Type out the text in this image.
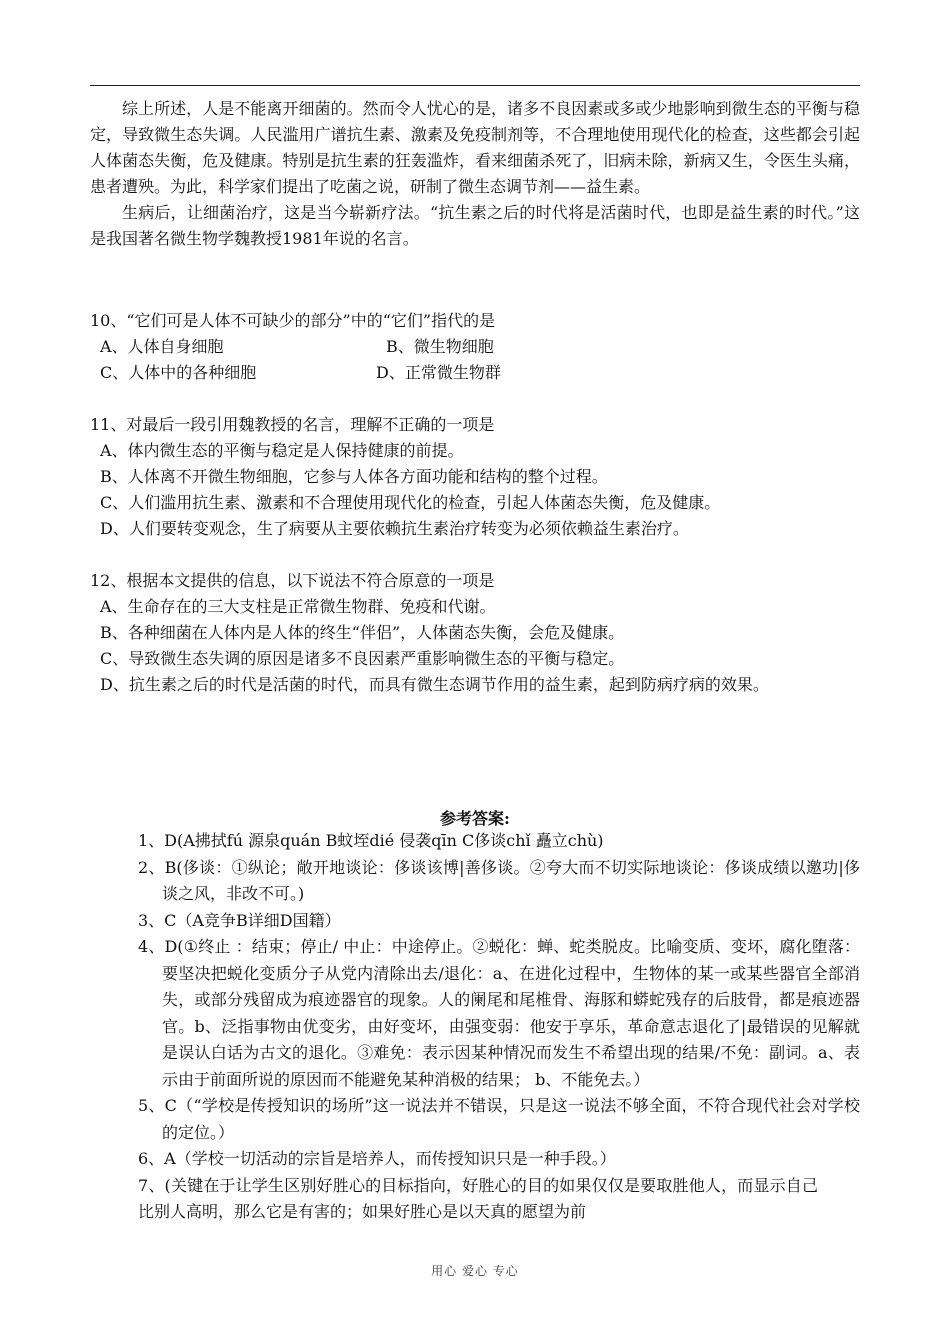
综上所述，人是不能离开细菌的。然而令人忧心的是，诸多不良因素或多或少地影响到微生态的平衡与稳定，导致微生态失调。人民滥用广谱抗生素、激素及免疫制剂等，不合理地使用现代化的检查，这些都会引起人体菌态失衡，危及健康。特别是抗生素的狂轰滥炸，看来细菌杀死了，旧病未除，新病又生，令医生头痛，患者遭殃。为此，科学家们提出了吃菌之说，研制了微生态调节剂——益生素。

生病后，让细菌治疗，这是当今崭新疗法。“抗生素之后的时代将是活菌时代，也即是益生素的时代。”这是我国著名微生物学魏教授1981年说的名言。

10、“它们可是人体不可缺少的部分”中的“它们”指代的是

A、人体自身细胞	B、微生物细胞

C、人体中的各种细胞	D、正常微生物群

11、对最后一段引用魏教授的名言，理解不正确的一项是

A、体内微生态的平衡与稳定是人保持健康的前提。

B、人体离不开微生物细胞，它参与人体各方面功能和结构的整个过程。

C、人们滥用抗生素、激素和不合理使用现代化的检查，引起人体菌态失衡，危及健康。

D、人们要转变观念，生了病要从主要依赖抗生素治疗转变为必须依赖益生素治疗。

12、根据本文提供的信息，以下说法不符合原意的一项是

A、生命存在的三大支柱是正常微生物群、免疫和代谢。

B、各种细菌在人体内是人体的终生“伴侣”，人体菌态失衡，会危及健康。

C、导致微生态失调的原因是诸多不良因素严重影响微生态的平衡与稳定。

D、抗生素之后的时代是活菌的时代，而具有微生态调节作用的益生素，起到防病疗病的效果。

参考答案:

1、D(A拂拭fú 源泉quán B蚊垤dié 侵袭qīn C侈谈chǐ 矗立chù)

2、B(侈谈：①纵论；敞开地谈论：侈谈该博|善侈谈。②夸大而不切实际地谈论：侈谈成绩以邀功|侈谈之风，非改不可。)

3、C（A竞争B详细D国籍）

4、D(①终止 ：结束；停止/ 中止：中途停止。②蜕化：蝉、蛇类脱皮。比喻变质、变坏，腐化堕落：要坚决把蜕化变质分子从党内清除出去/退化：a、在进化过程中，生物体的某一或某些器官全部消失，或部分残留成为痕迹器官的现象。人的阑尾和尾椎骨、海豚和蟒蛇残存的后肢骨，都是痕迹器官。b、泛指事物由优变劣，由好变坏，由强变弱：他安于享乐，革命意志退化了|最错误的见解就是误认白话为古文的退化。③难免：表示因某种情况而发生不希望出现的结果/不免：副词。a、表示由于前面所说的原因而不能避免某种消极的结果； b、不能免去。）

5、C（“学校是传授知识的场所”这一说法并不错误，只是这一说法不够全面，不符合现代社会对学校的定位。）

6、A（学校一切活动的宗旨是培养人，而传授知识只是一种手段。）

7、(关键在于让学生区别好胜心的目标指向，好胜心的目的如果仅仅是要取胜他人，而显示自己比别人高明，那么它是有害的；如果好胜心是以天真的愿望为前

用心 爱心 专心
